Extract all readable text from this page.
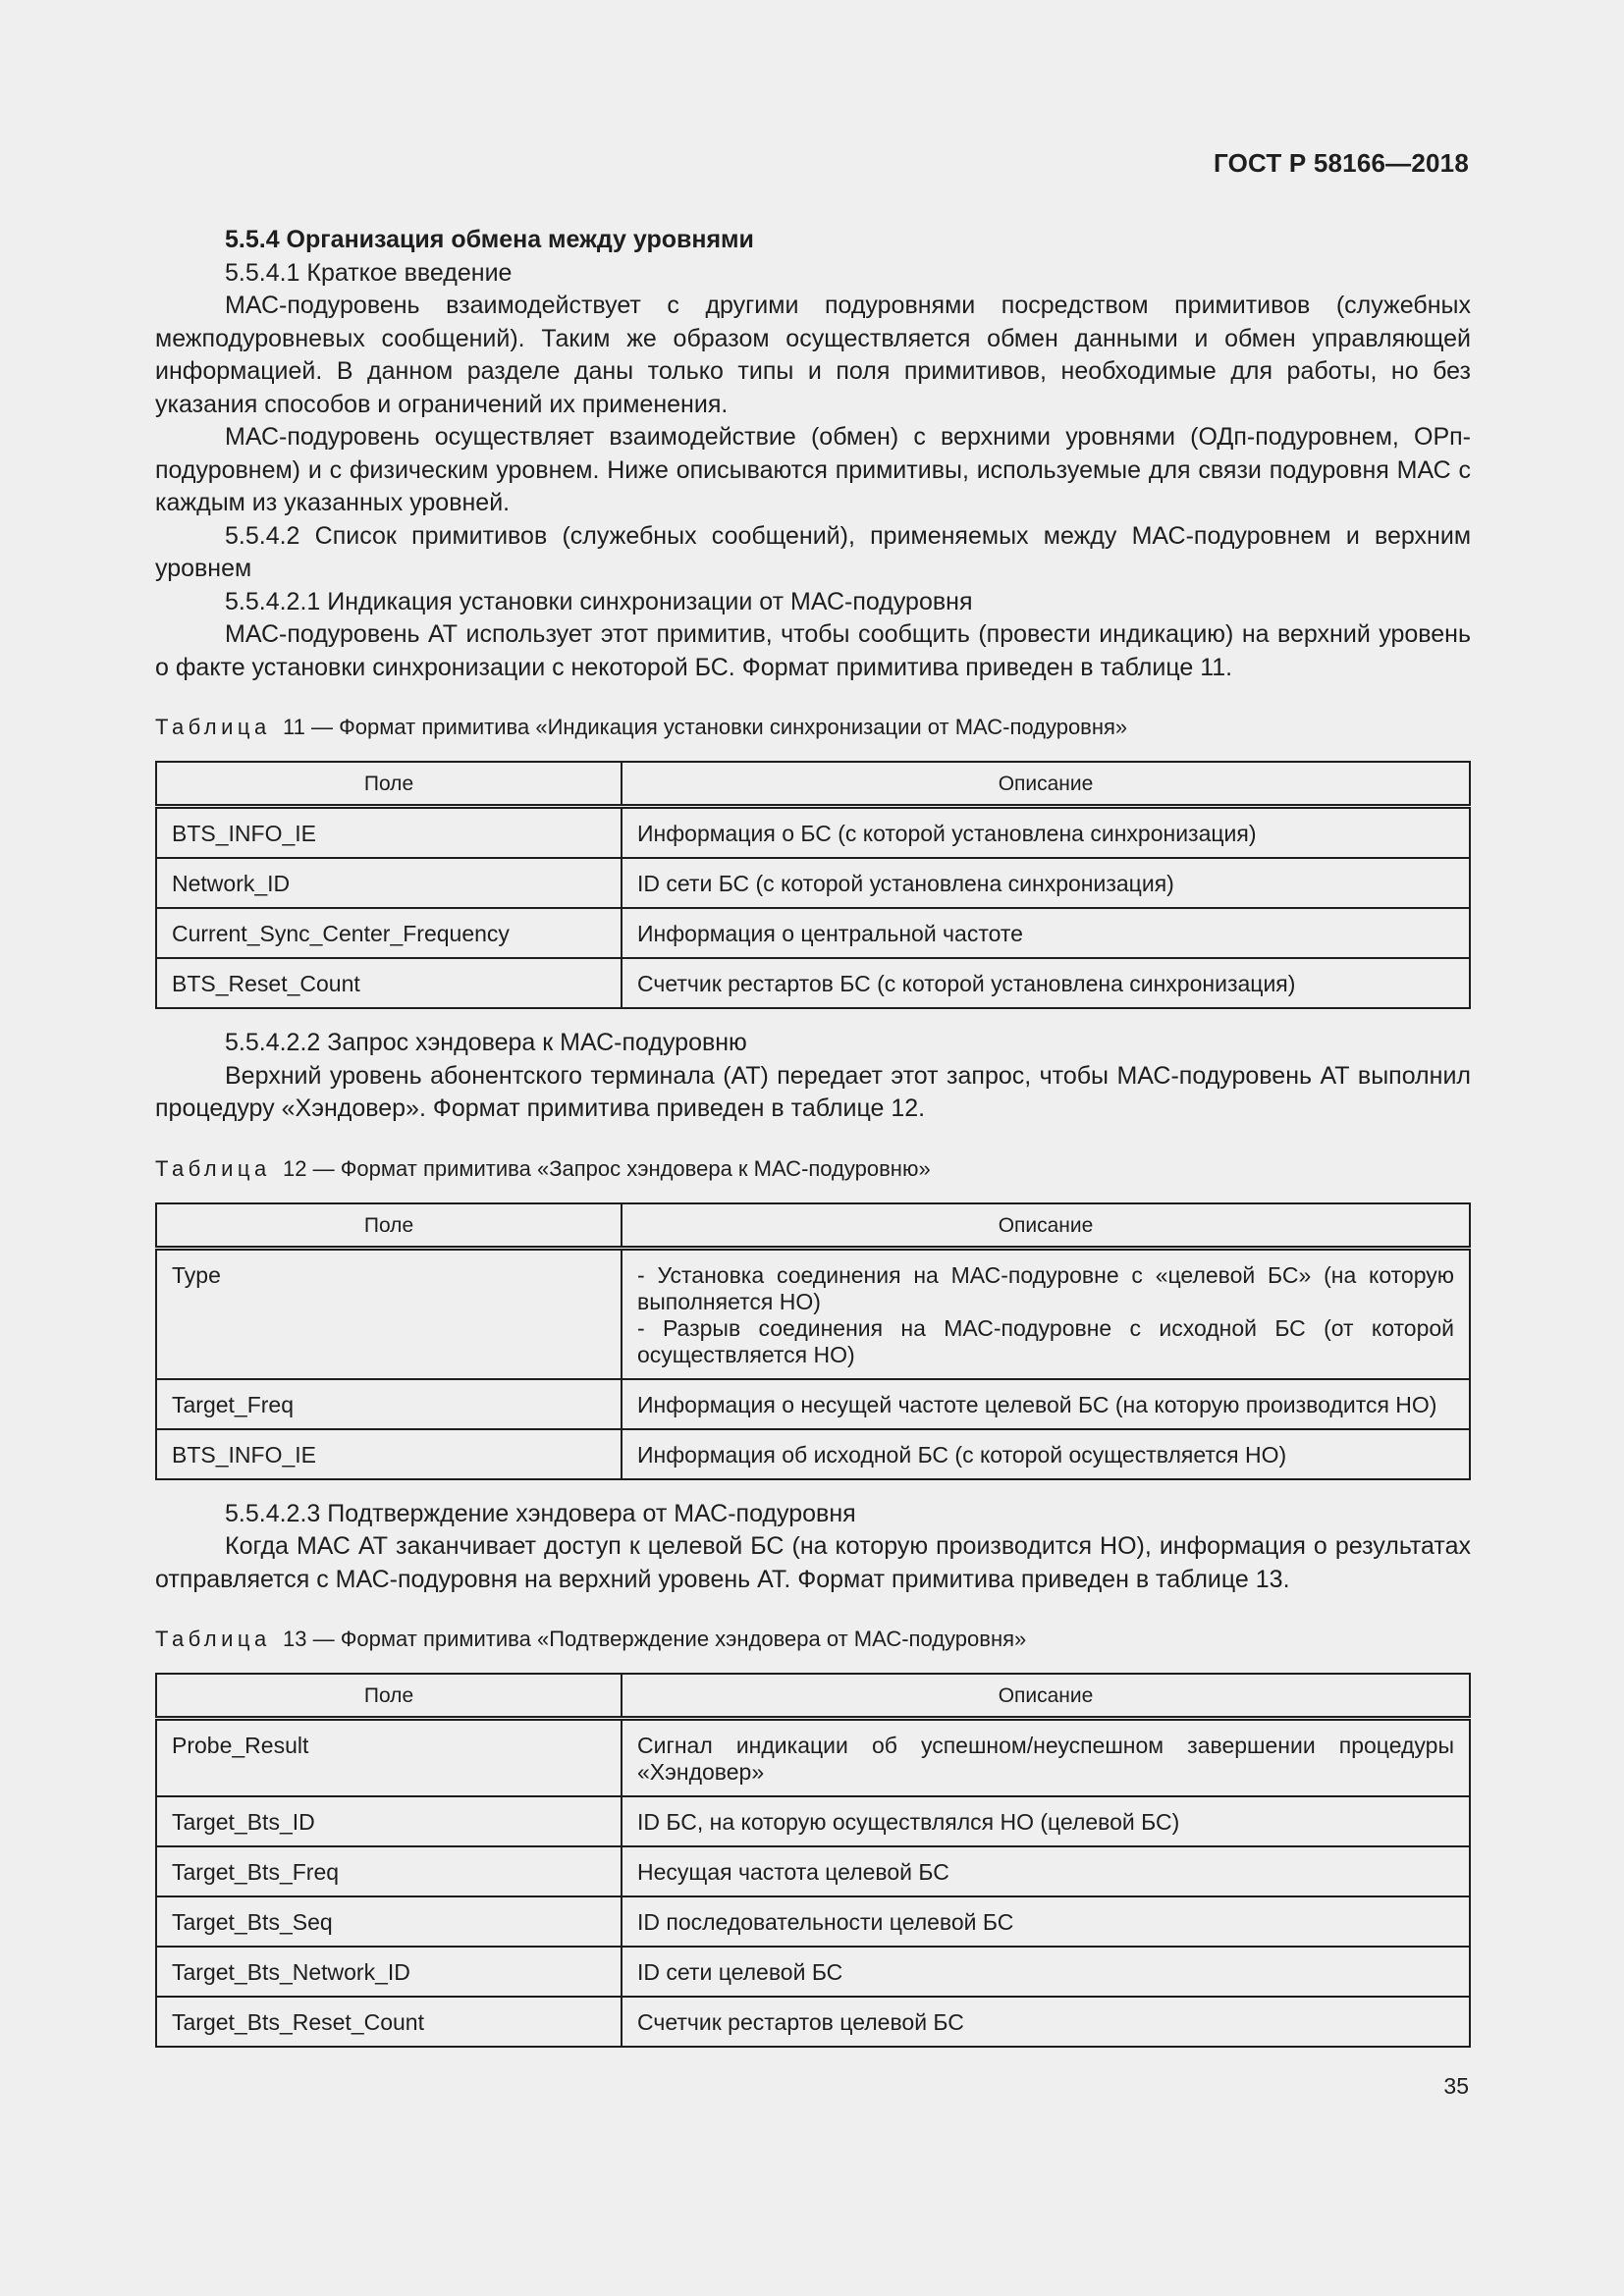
ГОСТ Р 58166—2018

5.5.4 Организация обмена между уровнями

5.5.4.1 Краткое введение

МАС-подуровень взаимодействует с другими подуровнями посредством примитивов (служебных межподуровневых сообщений). Таким же образом осуществляется обмен данными и обмен управляющей информацией. В данном разделе даны только типы и поля примитивов, необходимые для работы, но без указания способов и ограничений их применения.

МАС-подуровень осуществляет взаимодействие (обмен) с верхними уровнями (ОДп-подуровнем, ОРп-подуровнем) и с физическим уровнем. Ниже описываются примитивы, используемые для связи подуровня МАС с каждым из указанных уровней.

5.5.4.2 Список примитивов (служебных сообщений), применяемых между МАС-подуровнем и верхним уровнем

5.5.4.2.1 Индикация установки синхронизации от МАС-подуровня

МАС-подуровень АТ использует этот примитив, чтобы сообщить (провести индикацию) на верхний уровень о факте установки синхронизации с некоторой БС. Формат примитива приведен в таблице 11.

Таблица 11 — Формат примитива «Индикация установки синхронизации от МАС-подуровня»

Поле	Описание
BTS_INFO_IE	Информация о БС (с которой установлена синхронизация)
Network_ID	ID сети БС (с которой установлена синхронизация)
Current_Sync_Center_Frequency	Информация о центральной частоте
BTS_Reset_Count	Счетчик рестартов БС (с которой установлена синхронизация)

5.5.4.2.2 Запрос хэндовера к МАС-подуровню

Верхний уровень абонентского терминала (АТ) передает этот запрос, чтобы МАС-подуровень АТ выполнил процедуру «Хэндовер». Формат примитива приведен в таблице 12.

Таблица 12 — Формат примитива «Запрос хэндовера к МАС-подуровню»

Поле	Описание
Type	- Установка соединения на МАС-подуровне с «целевой БС» (на которую выполняется НО)
- Разрыв соединения на МАС-подуровне с исходной БС (от которой осуществляется НО)

Target_Freq	Информация о несущей частоте целевой БС (на которую производится НО)
BTS_INFO_IE	Информация об исходной БС (с которой осуществляется НО)

5.5.4.2.3 Подтверждение хэндовера от МАС-подуровня

Когда МАС АТ заканчивает доступ к целевой БС (на которую производится НО), информация о результатах отправляется с МАС-подуровня на верхний уровень АТ. Формат примитива приведен в таблице 13.

Таблица 13 — Формат примитива «Подтверждение хэндовера от МАС-подуровня»

Поле	Описание
Probe_Result	Сигнал индикации об успешном/неуспешном завершении процедуры «Хэндовер»
Target_Bts_ID	ID БС, на которую осуществлялся НО (целевой БС)
Target_Bts_Freq	Несущая частота целевой БС
Target_Bts_Seq	ID последовательности целевой БС
Target_Bts_Network_ID	ID сети целевой БС
Target_Bts_Reset_Count	Счетчик рестартов целевой БС
35
